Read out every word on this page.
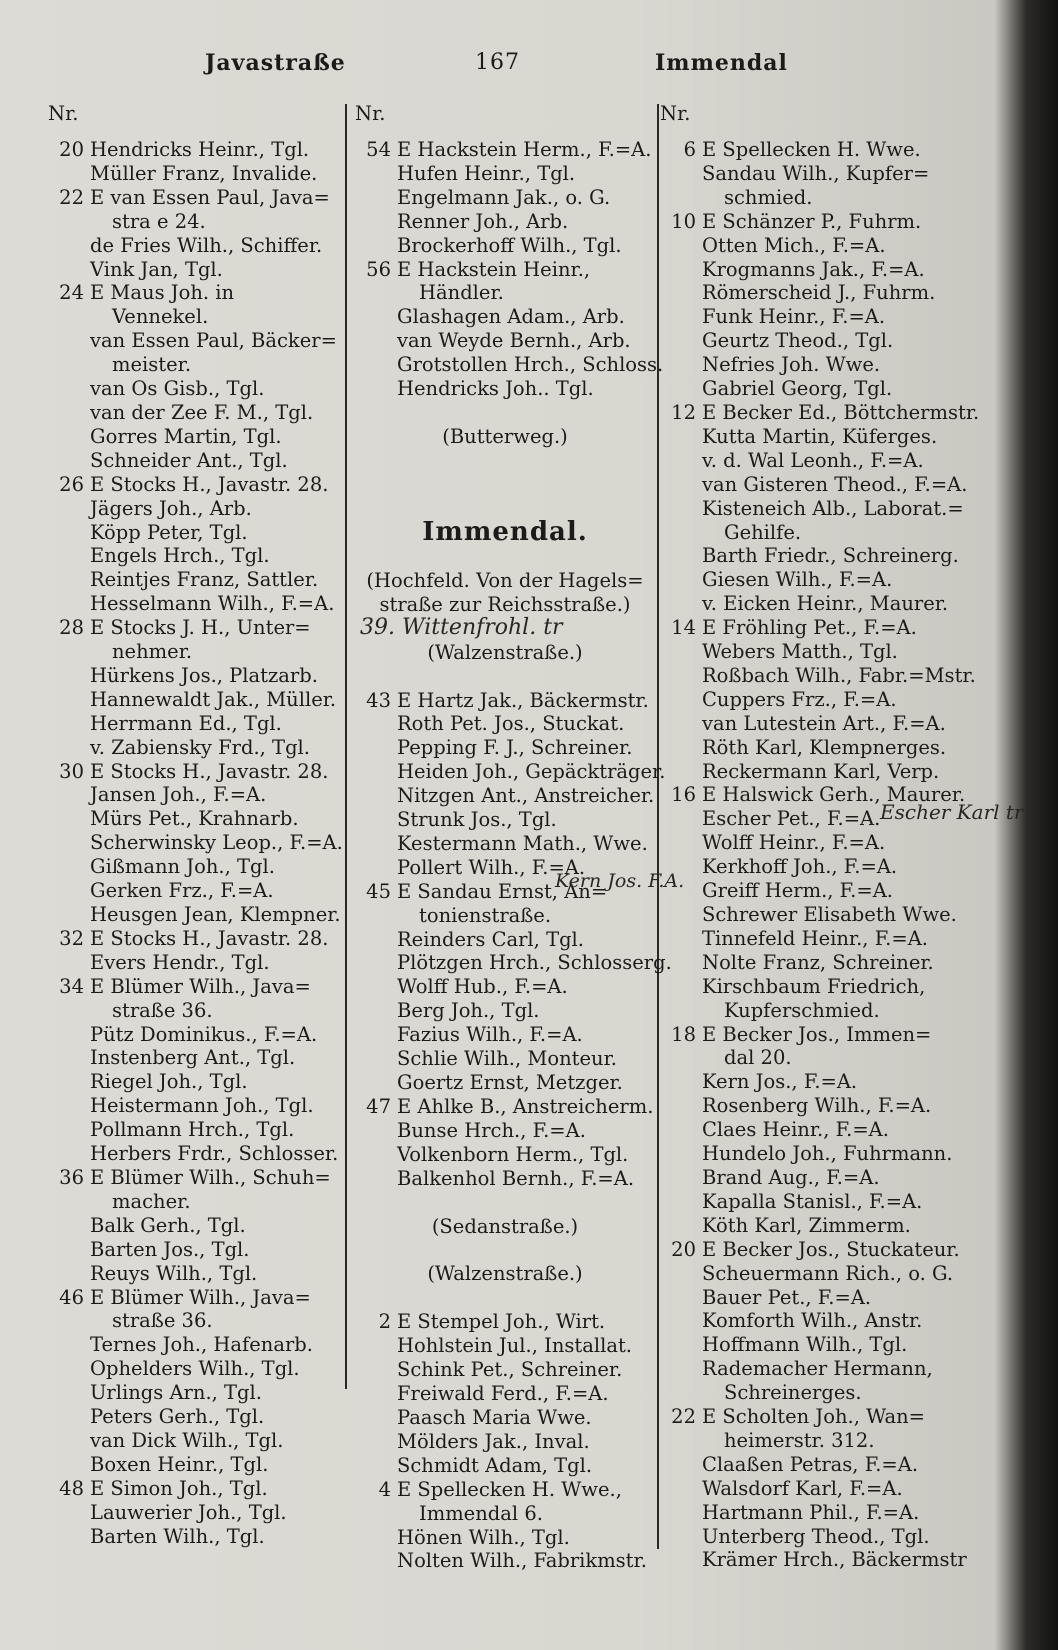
Javastraße	167	Immendal
Nr.
20 Hendricks Heinr., Tgl.
Müller Franz, Invalide.
22 E van Essen Paul, Java=
stra e 24.
de Fries Wilh., Schiffer.
Vink Jan, Tgl.
24 E Maus Joh. in
Vennekel.
van Essen Paul, Bäcker=
meister.
van Os Gisb., Tgl.
van der Zee F. M., Tgl.
Gorres Martin, Tgl.
Schneider Ant., Tgl.
26 E Stocks H., Javastr. 28.
Jägers Joh., Arb.
Köpp Peter, Tgl.
Engels Hrch., Tgl.
Reintjes Franz, Sattler.
Hesselmann Wilh., F.=A.
28 E Stocks J. H., Unter=
nehmer.
Hürkens Jos., Platzarb.
Hannewaldt Jak., Müller.
Herrmann Ed., Tgl.
v. Zabiensky Frd., Tgl.
30 E Stocks H., Javastr. 28.
Jansen Joh., F.=A.
Mürs Pet., Krahnarb.
Scherwinsky Leop., F.=A.
Gißmann Joh., Tgl.
Gerken Frz., F.=A.
Heusgen Jean, Klempner.
32 E Stocks H., Javastr. 28.
Evers Hendr., Tgl.
34 E Blümer Wilh., Java=
straße 36.
Pütz Dominikus., F.=A.
Instenberg Ant., Tgl.
Riegel Joh., Tgl.
Heistermann Joh., Tgl.
Pollmann Hrch., Tgl.
Herbers Frdr., Schlosser.
36 E Blümer Wilh., Schuh=
macher.
Balk Gerh., Tgl.
Barten Jos., Tgl.
Reuys Wilh., Tgl.
46 E Blümer Wilh., Java=
straße 36.
Ternes Joh., Hafenarb.
Ophelders Wilh., Tgl.
Urlings Arn., Tgl.
Peters Gerh., Tgl.
van Dick Wilh., Tgl.
Boxen Heinr., Tgl.
48 E Simon Joh., Tgl.
Lauwerier Joh., Tgl.
Barten Wilh., Tgl.
Nr.
54 E Hackstein Herm., F.=A.
Hufen Heinr., Tgl.
Engelmann Jak., o. G.
Renner Joh., Arb.
Brockerhoff Wilh., Tgl.
56 E Hackstein Heinr.,
Händler.
Glashagen Adam., Arb.
van Weyde Bernh., Arb.
Grotstollen Hrch., Schloss.
Hendricks Joh.. Tgl.
(Butterweg.)
Immendal.
(Hochfeld. Von der Hagels=
straße zur Reichsstraße.)
(Walzenstraße.)
43 E Hartz Jak., Bäckermstr.
Roth Pet. Jos., Stuckat.
Pepping F. J., Schreiner.
Heiden Joh., Gepäckträger.
Nitzgen Ant., Anstreicher.
Strunk Jos., Tgl.
Kestermann Math., Wwe.
Pollert Wilh., F.=A.
45 E Sandau Ernst, An=
tonienstraße.
Reinders Carl, Tgl.
Plötzgen Hrch., Schlosserg.
Wolff Hub., F.=A.
Berg Joh., Tgl.
Fazius Wilh., F.=A.
Schlie Wilh., Monteur.
Goertz Ernst, Metzger.
47 E Ahlke B., Anstreicherm.
Bunse Hrch., F.=A.
Volkenborn Herm., Tgl.
Balkenhol Bernh., F.=A.
(Sedanstraße.)
(Walzenstraße.)
2 E Stempel Joh., Wirt.
Hohlstein Jul., Installat.
Schink Pet., Schreiner.
Freiwald Ferd., F.=A.
Paasch Maria Wwe.
Mölders Jak., Inval.
Schmidt Adam, Tgl.
4 E Spellecken H. Wwe.,
Immendal 6.
Hönen Wilh., Tgl.
Nolten Wilh., Fabrikmstr.
Nr.
6 E Spellecken H. Wwe.
Sandau Wilh., Kupfer=
schmied.
10 E Schänzer P., Fuhrm.
Otten Mich., F.=A.
Krogmanns Jak., F.=A.
Römerscheid J., Fuhrm.
Funk Heinr., F.=A.
Geurtz Theod., Tgl.
Nefries Joh. Wwe.
Gabriel Georg, Tgl.
12 E Becker Ed., Böttchermstr.
Kutta Martin, Küferges.
v. d. Wal Leonh., F.=A.
van Gisteren Theod., F.=A.
Kisteneich Alb., Laborat.=
Gehilfe.
Barth Friedr., Schreinerg.
Giesen Wilh., F.=A.
v. Eicken Heinr., Maurer.
14 E Fröhling Pet., F.=A.
Webers Matth., Tgl.
Roßbach Wilh., Fabr.=Mstr.
Cuppers Frz., F.=A.
van Lutestein Art., F.=A.
Röth Karl, Klempnerges.
Reckermann Karl, Verp.
16 E Halswick Gerh., Maurer.
Escher Pet., F.=A.
Wolff Heinr., F.=A.
Kerkhoff Joh., F.=A.
Greiff Herm., F.=A.
Schrewer Elisabeth Wwe.
Tinnefeld Heinr., F.=A.
Nolte Franz, Schreiner.
Kirschbaum Friedrich,
Kupferschmied.
18 E Becker Jos., Immen=
dal 20.
Kern Jos., F.=A.
Rosenberg Wilh., F.=A.
Claes Heinr., F.=A.
Hundelo Joh., Fuhrmann.
Brand Aug., F.=A.
Kapalla Stanisl., F.=A.
Köth Karl, Zimmerm.
20 E Becker Jos., Stuckateur.
Scheuermann Rich., o. G.
Bauer Pet., F.=A.
Komforth Wilh., Anstr.
Hoffmann Wilh., Tgl.
Rademacher Hermann,
Schreinerges.
22 E Scholten Joh., Wan=
heimerstr. 312.
Claaßen Petras, F.=A.
Walsdorf Karl, F.=A.
Hartmann Phil., F.=A.
Unterberg Theod., Tgl.
Krämer Hrch., Bäckermstr
39. Wittenfrohl. tr
Kern Jos. F.A.
Escher Karl tr
